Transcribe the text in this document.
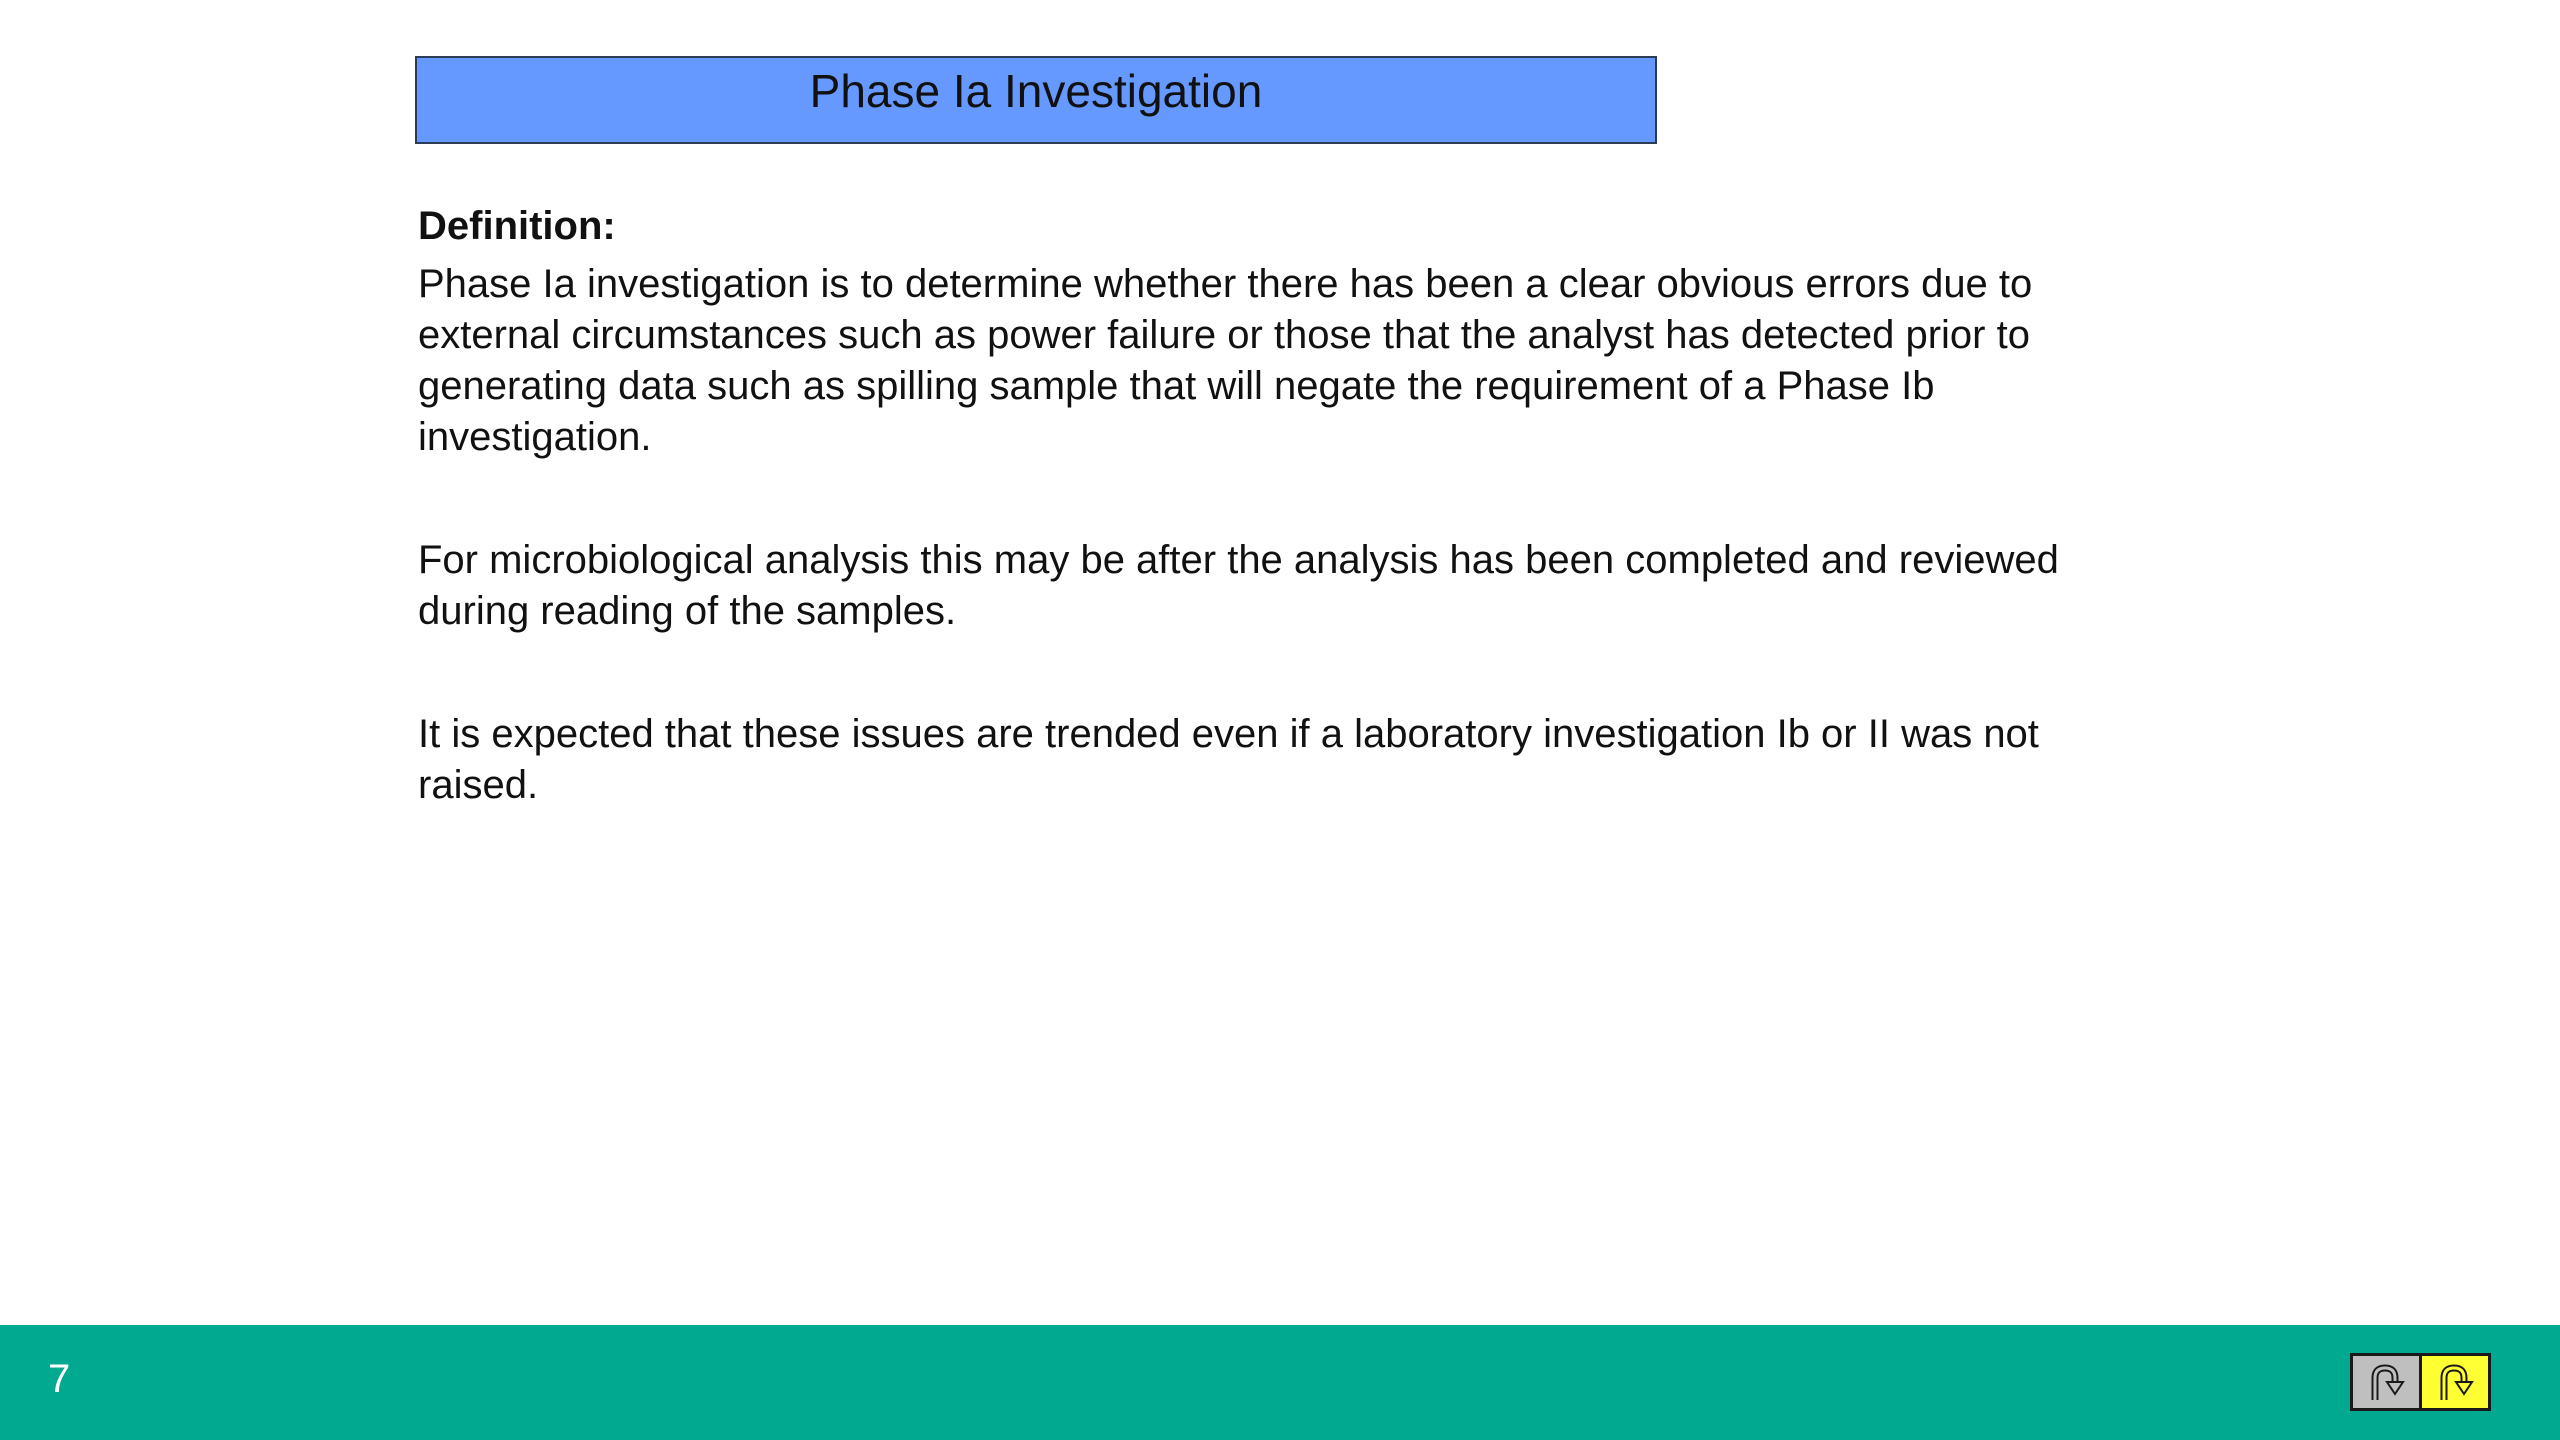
Phase Ia Investigation
Definition:

Phase Ia investigation is to determine whether there has been a clear obvious errors due to external circumstances such as power failure or those that the analyst has detected prior to generating data such as spilling sample that will negate the requirement of a Phase Ib investigation.

For microbiological analysis this may be after the analysis has been completed and reviewed during reading of the samples.

It is expected that these issues are trended even if a laboratory investigation Ib or II was not raised.

7
